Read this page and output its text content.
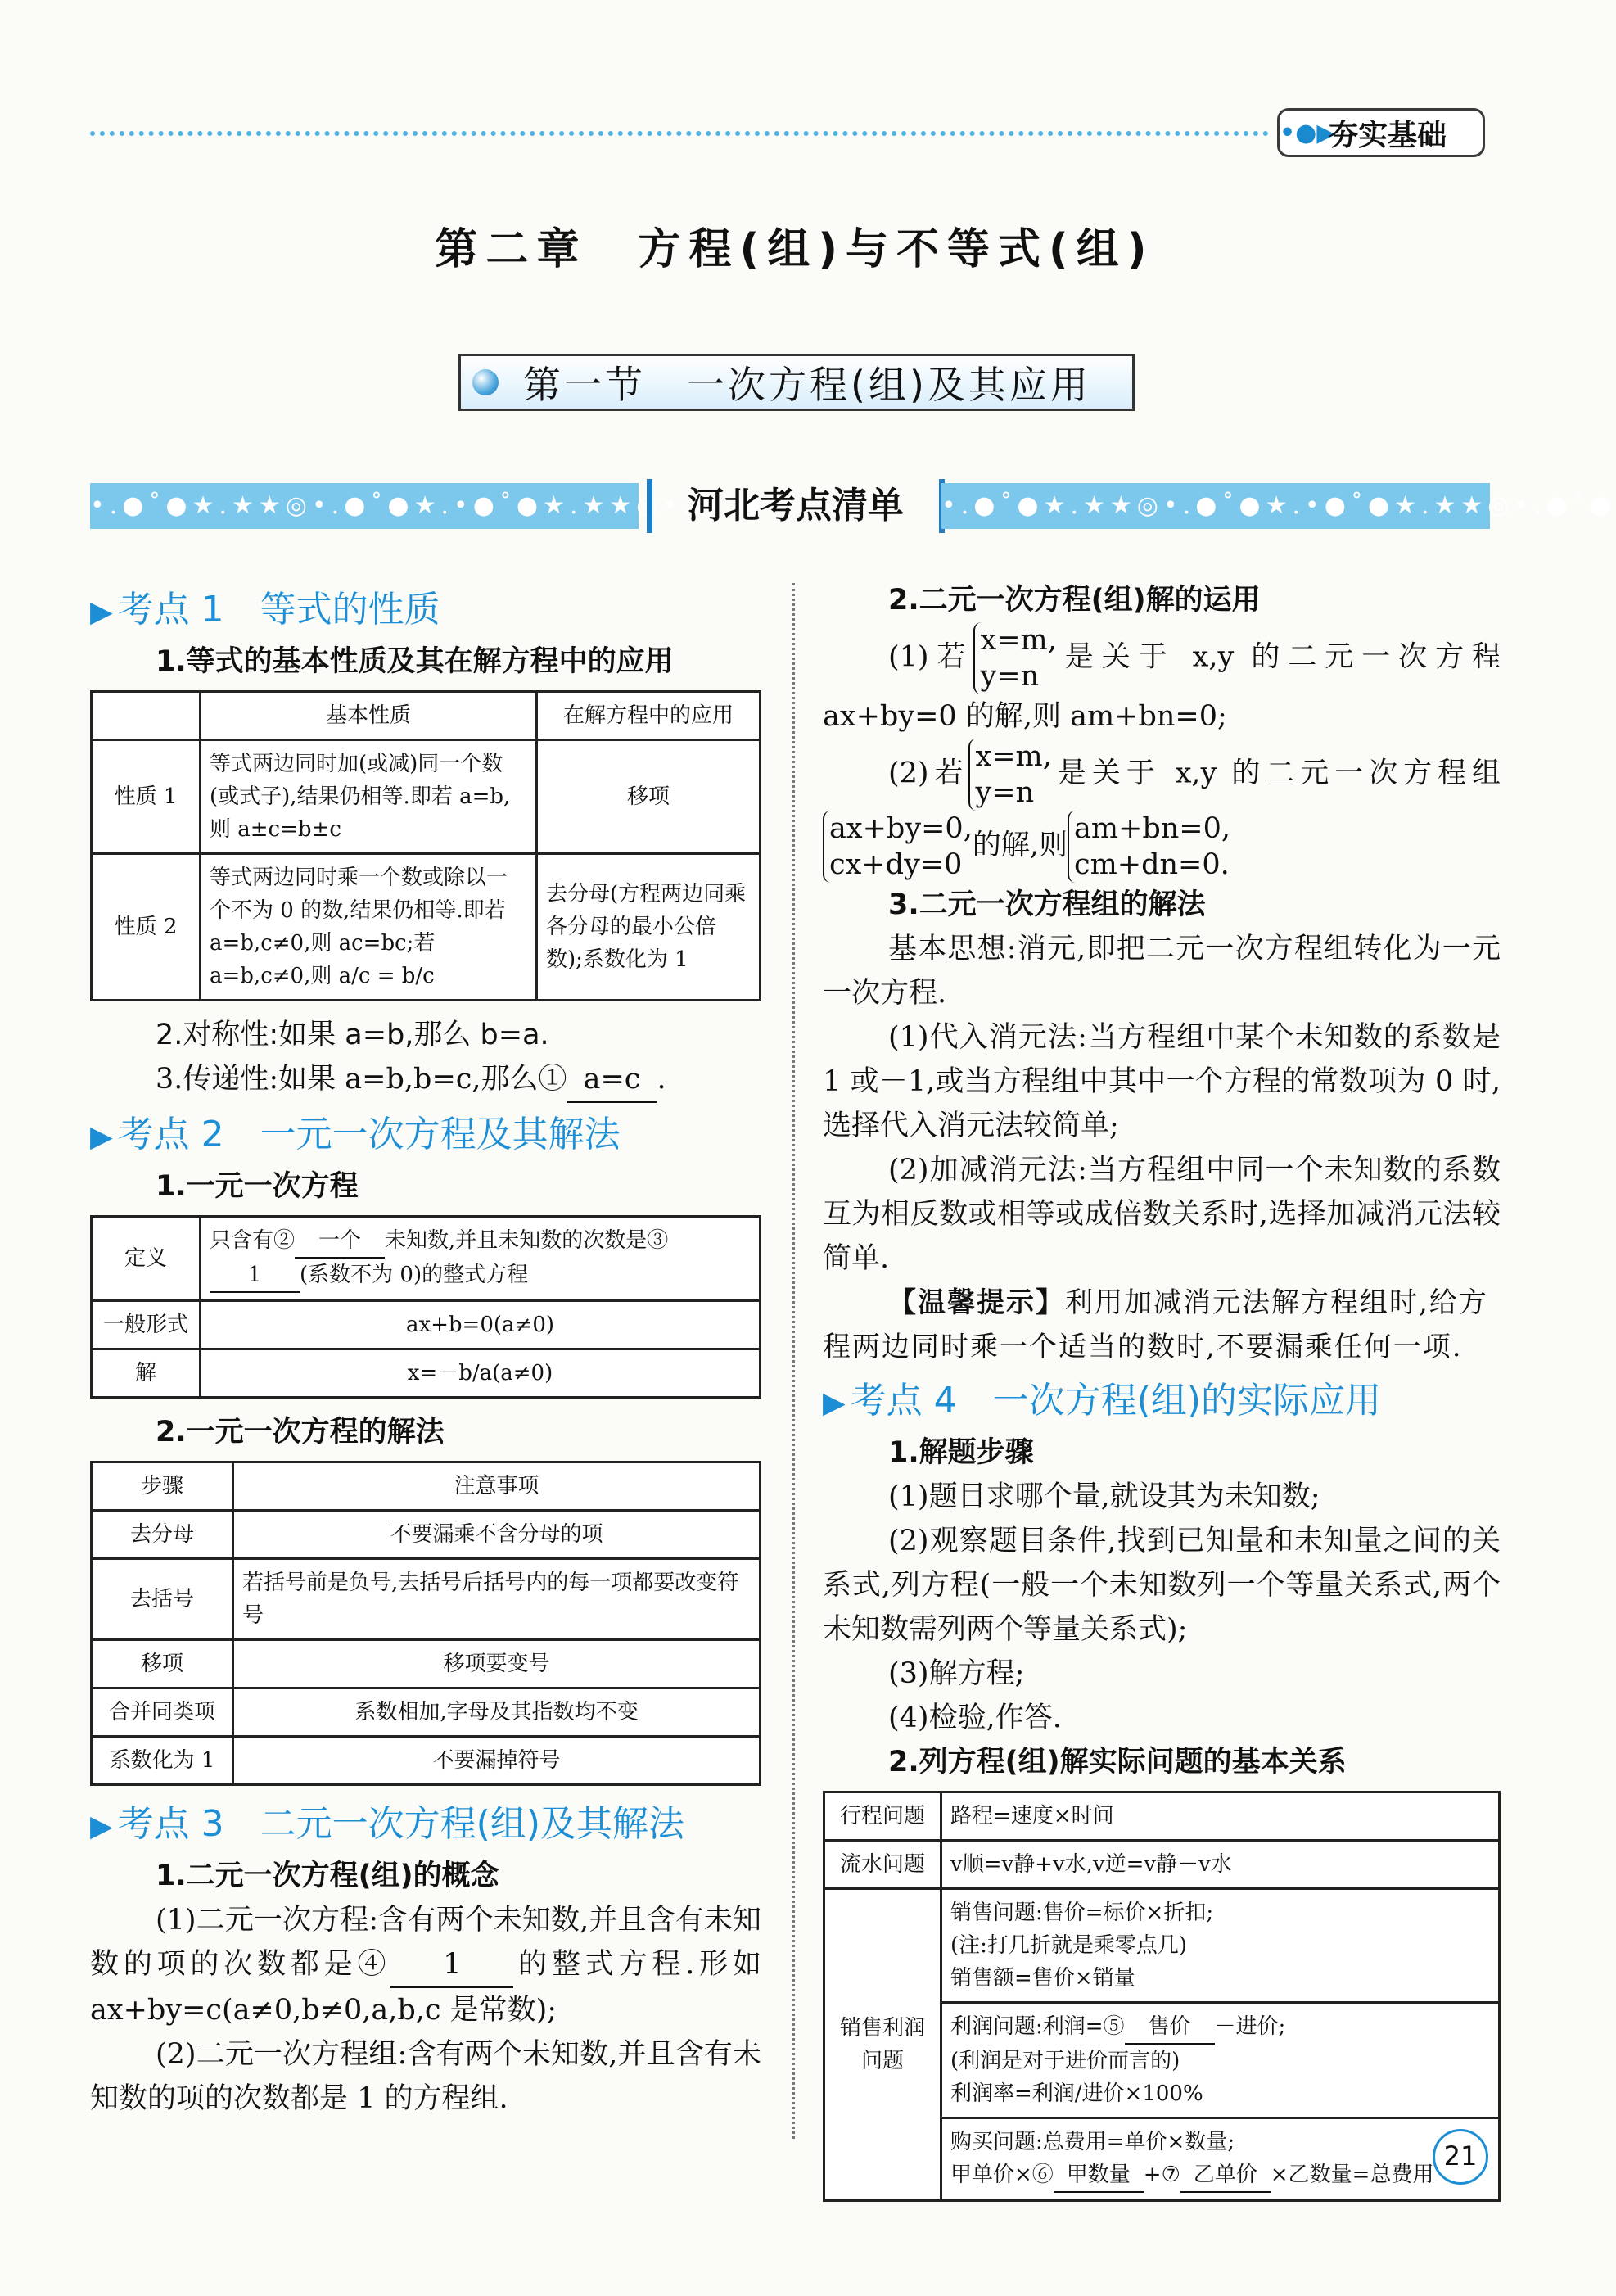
•●▶
夯实基础
第二章　方程(组)与不等式(组)
第一节　一次方程(组)及其应用
•.●˚●★.★★◎•.●˚●★.•●˚●★.★★◎•.●˚●
河北考点清单	•.●˚●★.★★◎•.●˚●★.•●˚●★.★★◎•.●˚●
▶ 考点 1　等式的性质
1.等式的基本性质及其在解方程中的应用
	基本性质	在解方程中的应用
性质 1	等式两边同时加(或减)同一个数(或式子),结果仍相等.即若 a=b,则 a±c=b±c	移项
性质 2	等式两边同时乘一个数或除以一个不为 0 的数,结果仍相等.即若 a=b,c≠0,则 ac=bc;若 a=b,c≠0,则 a/c = b/c	去分母(方程两边同乘各分母的最小公倍数);系数化为 1
2.对称性:如果 a=b,那么 b=a.
3.传递性:如果 a=b,b=c,那么① a=c .
▶ 考点 2　一元一次方程及其解法
1.一元一次方程
定义	只含有② 一个 未知数,并且未知数的次数是③1 (系数不为 0)的整式方程
一般形式	ax+b=0(a≠0)
解	x=－b/a(a≠0)
2.一元一次方程的解法
步骤	注意事项
去分母	不要漏乘不含分母的项
去括号	若括号前是负号,去括号后括号内的每一项都要改变符号
移项	移项要变号
合并同类项	系数相加,字母及其指数均不变
系数化为 1	不要漏掉符号
▶ 考点 3　二元一次方程(组)及其解法
1.二元一次方程(组)的概念
(1)二元一次方程:含有两个未知数,并且含有未知数的项的次数都是④ 1 的整式方程.形如 ax+by=c(a≠0,b≠0,a,b,c 是常数);
(2)二元一次方程组:含有两个未知数,并且含有未知数的项的次数都是 1 的方程组.
2.二元一次方程(组)解的运用
(1)若x=m,
y=n是关于 x,y 的二元一次方程 ax+by=0 的解,则 am+bn=0;
(2)若x=m,
y=n是关于 x,y 的二元一次方程组ax+by=0,
cx+dy=0的解,则am+bn=0,
cm+dn=0.
3.二元一次方程组的解法
基本思想:消元,即把二元一次方程组转化为一元一次方程.
(1)代入消元法:当方程组中某个未知数的系数是 1 或－1,或当方程组中其中一个方程的常数项为 0 时,选择代入消元法较简单;
(2)加减消元法:当方程组中同一个未知数的系数互为相反数或相等或成倍数关系时,选择加减消元法较简单.
【温馨提示】利用加减消元法解方程组时,给方程两边同时乘一个适当的数时,不要漏乘任何一项.
▶ 考点 4　一次方程(组)的实际应用
1.解题步骤
(1)题目求哪个量,就设其为未知数;
(2)观察题目条件,找到已知量和未知量之间的关系式,列方程(一般一个未知数列一个等量关系式,两个未知数需列两个等量关系式);
(3)解方程;
(4)检验,作答.
2.列方程(组)解实际问题的基本关系
行程问题	路程=速度×时间
流水问题	v顺=v静+v水,v逆=v静－v水
销售利润问题	销售问题:售价=标价×折扣;
(注:打几折就是乘零点几)
销售额=售价×销量

	利润问题:利润=⑤ 售价 －进价;
(利润是对于进价而言的)
利润率=利润/进价×100%

	购买问题:总费用=单价×数量;
甲单价×⑥ 甲数量 +⑦ 乙单价 ×乙数量=总费用
21
